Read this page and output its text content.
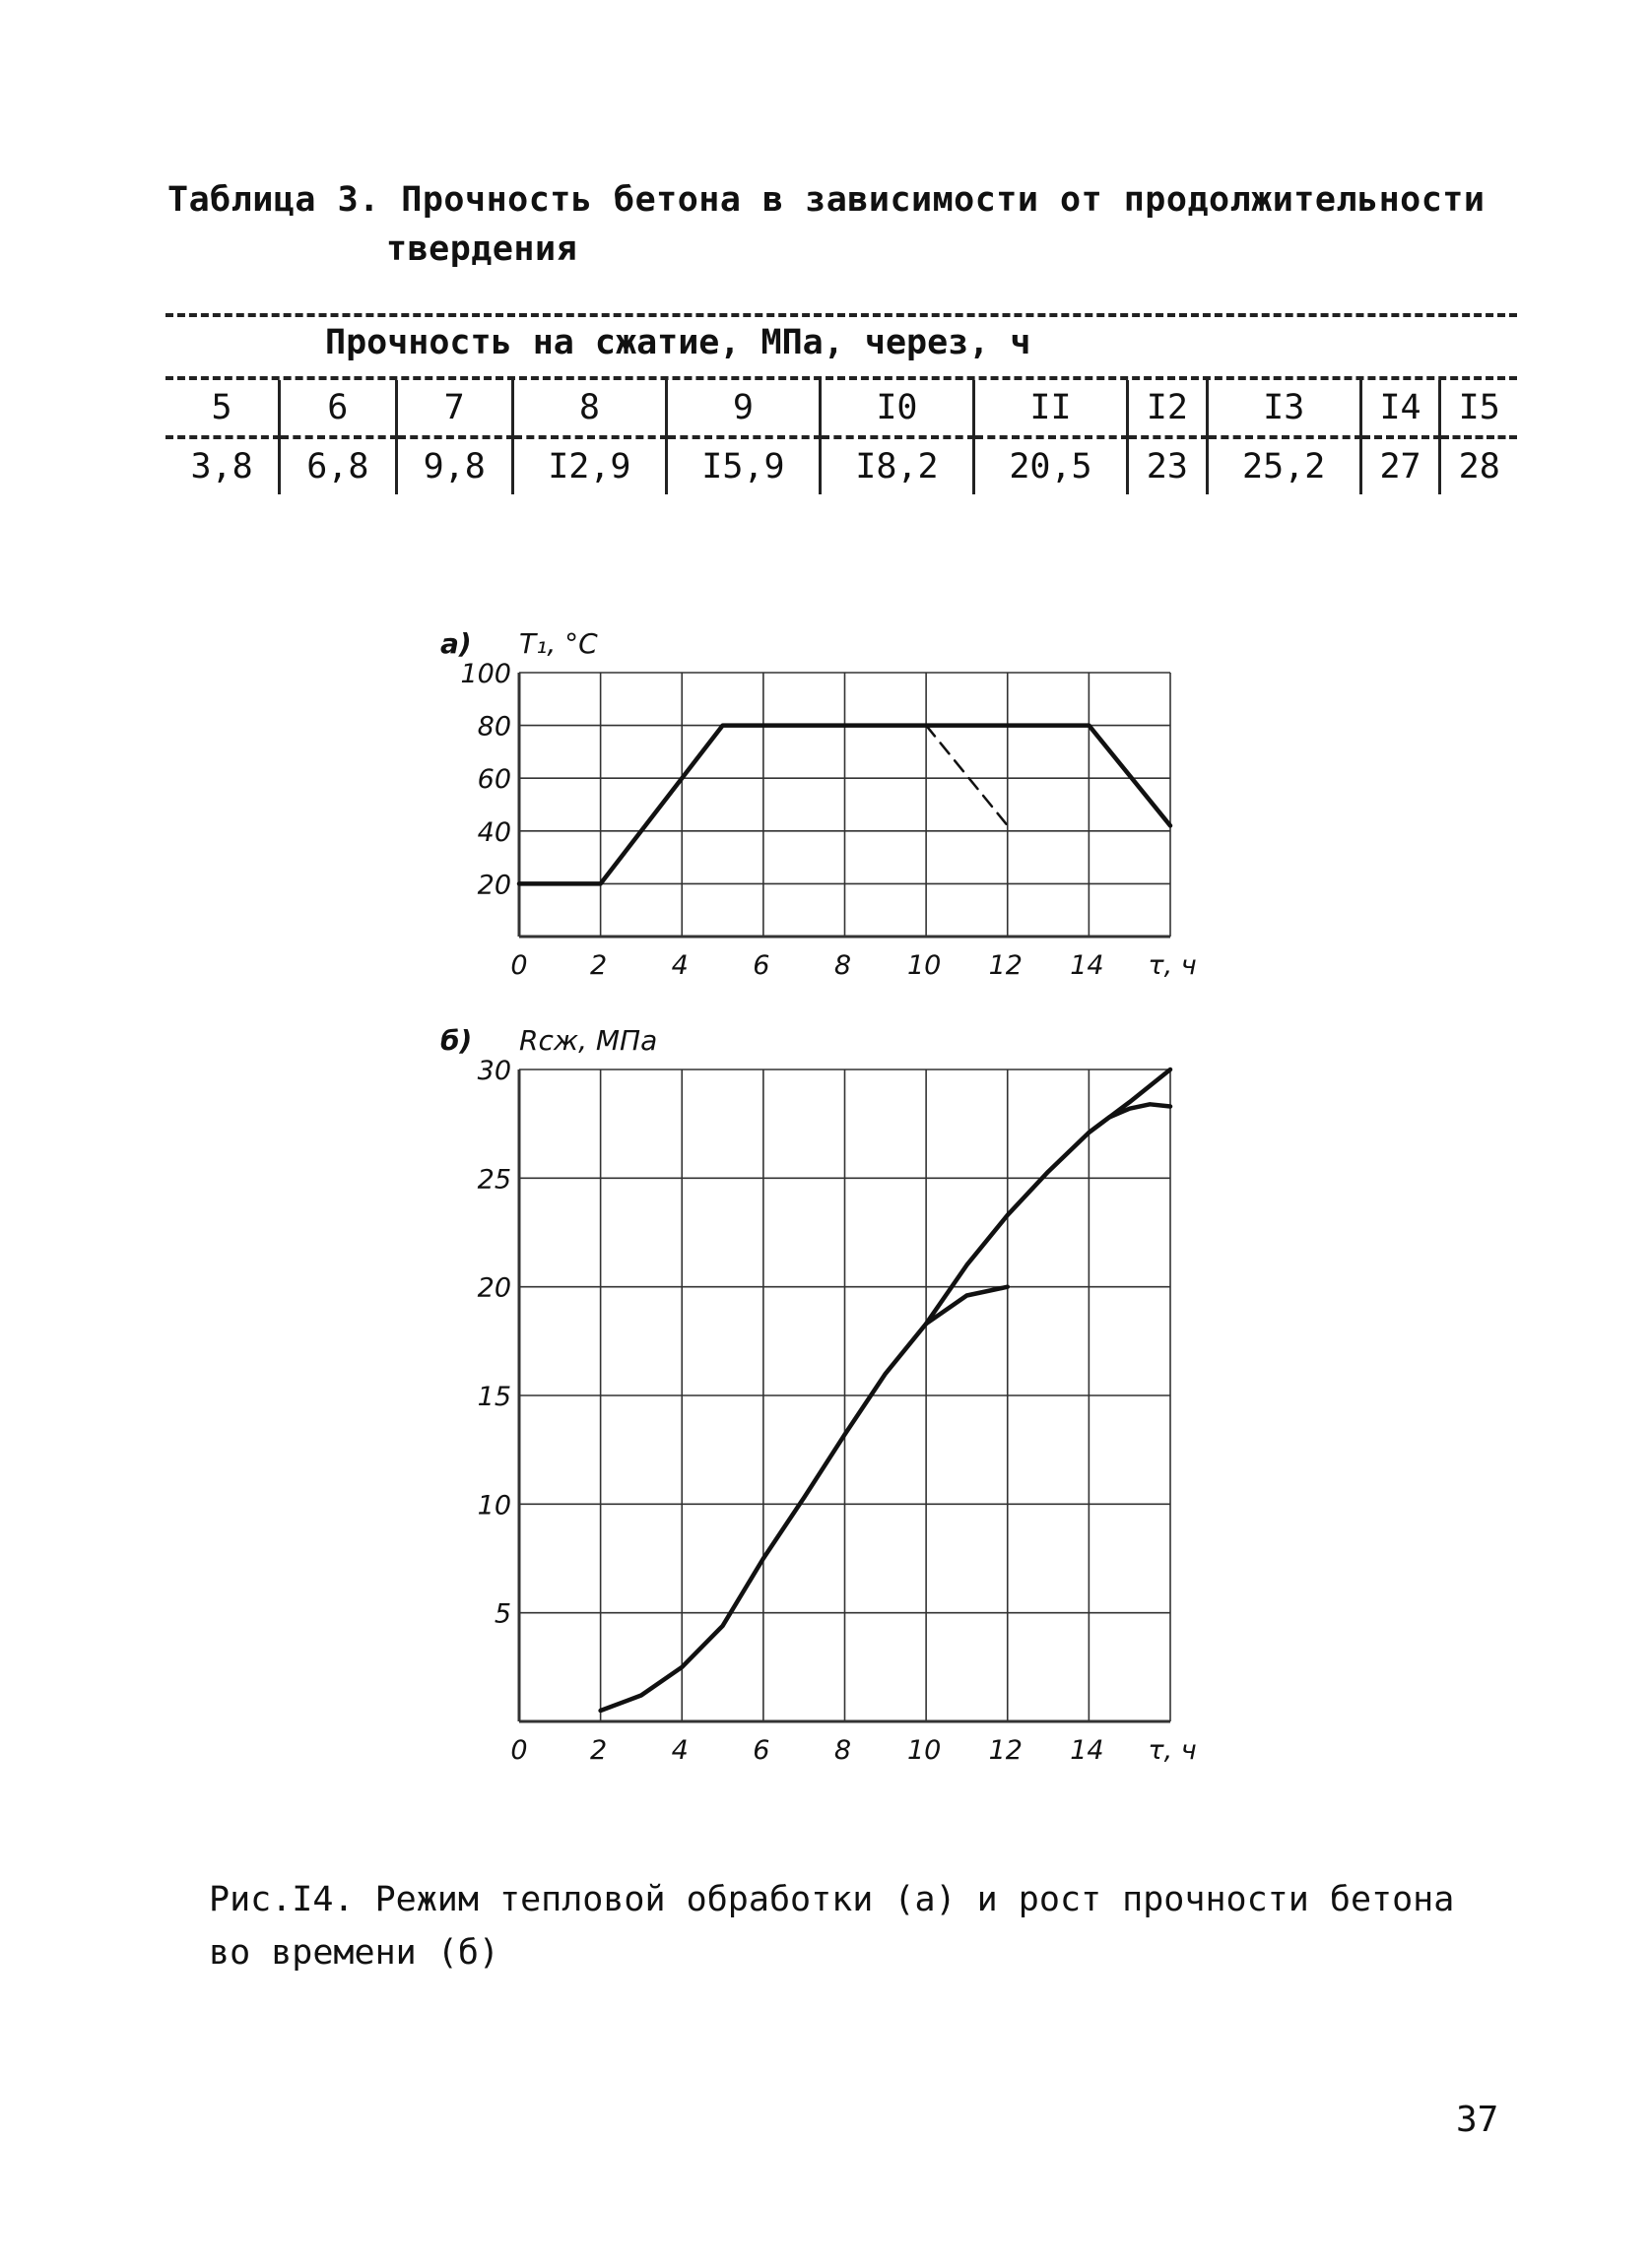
Таблица 3. Прочность бетона в зависимости от продолжительности
твердения
Прочность на сжатие, МПа, через, ч
5	6	7	8	9	I0	II	I2	I3	I4	I5
3,8	6,8	9,8	I2,9	I5,9	I8,2	20,5	23	25,2	27	28
0 2 4 6 8 10 12 14 τ, ч
20
40
60
80
100
a) T₁, °C
0 2 4 6 8 10 12 14 τ, ч
5
10
15
20
25
30
б) Rсж, МПа
Рис.I4. Режим тепловой обработки (а) и рост прочности бетона
во времени (б)
37
